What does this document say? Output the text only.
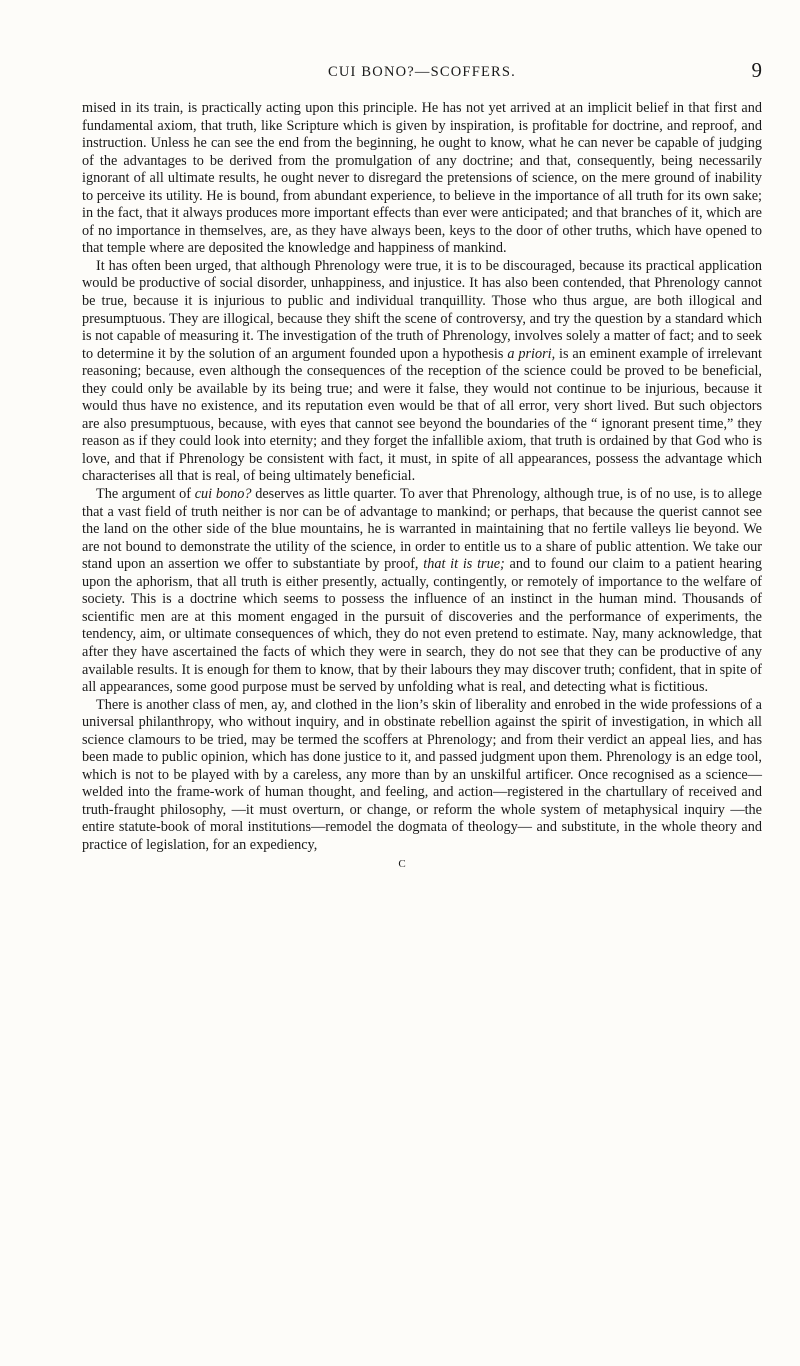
CUI BONO?—SCOFFERS.	9

mised in its train, is practically acting upon this principle. He has not yet arrived at an implicit belief in that first and fundamental axiom, that truth, like Scripture which is given by inspiration, is profitable for doctrine, and reproof, and instruction. Unless he can see the end from the beginning, he ought to know, what he can never be capable of judging of the advantages to be derived from the promulgation of any doctrine; and that, consequently, being necessarily ignorant of all ultimate results, he ought never to disregard the pretensions of science, on the mere ground of inability to perceive its utility. He is bound, from abundant experience, to believe in the importance of all truth for its own sake; in the fact, that it always produces more important effects than ever were anticipated; and that branches of it, which are of no importance in themselves, are, as they have always been, keys to the door of other truths, which have opened to that temple where are deposited the knowledge and happiness of mankind.

It has often been urged, that although Phrenology were true, it is to be discouraged, because its practical application would be productive of social disorder, unhappiness, and injustice. It has also been contended, that Phrenology cannot be true, because it is injurious to public and individual tranquillity. Those who thus argue, are both illogical and presumptuous. They are illogical, because they shift the scene of controversy, and try the question by a standard which is not capable of measuring it. The investigation of the truth of Phrenology, involves solely a matter of fact; and to seek to determine it by the solution of an argument founded upon a hypothesis a priori, is an eminent example of irrelevant reasoning; because, even although the consequences of the reception of the science could be proved to be beneficial, they could only be available by its being true; and were it false, they would not continue to be injurious, because it would thus have no existence, and its reputation even would be that of all error, very short lived. But such objectors are also presumptuous, because, with eyes that cannot see beyond the boundaries of the “ ignorant present time,” they reason as if they could look into eternity; and they forget the infallible axiom, that truth is ordained by that God who is love, and that if Phrenology be consistent with fact, it must, in spite of all appearances, possess the advantage which characterises all that is real, of being ultimately beneficial.

The argument of cui bono? deserves as little quarter. To aver that Phrenology, although true, is of no use, is to allege that a vast field of truth neither is nor can be of advantage to mankind; or perhaps, that because the querist cannot see the land on the other side of the blue mountains, he is warranted in maintaining that no fertile valleys lie beyond. We are not bound to demonstrate the utility of the science, in order to entitle us to a share of public attention. We take our stand upon an assertion we offer to substantiate by proof, that it is true; and to found our claim to a patient hearing upon the aphorism, that all truth is either presently, actually, contingently, or remotely of importance to the welfare of society. This is a doctrine which seems to possess the influence of an instinct in the human mind. Thousands of scientific men are at this moment engaged in the pursuit of discoveries and the performance of experiments, the tendency, aim, or ultimate consequences of which, they do not even pretend to estimate. Nay, many acknowledge, that after they have ascertained the facts of which they were in search, they do not see that they can be productive of any available results. It is enough for them to know, that by their labours they may discover truth; confident, that in spite of all appearances, some good purpose must be served by unfolding what is real, and detecting what is fictitious.

There is another class of men, ay, and clothed in the lion’s skin of liberality and enrobed in the wide professions of a universal philanthropy, who without inquiry, and in obstinate rebellion against the spirit of investigation, in which all science clamours to be tried, may be termed the scoffers at Phrenology; and from their verdict an appeal lies, and has been made to public opinion, which has done justice to it, and passed judgment upon them. Phrenology is an edge tool, which is not to be played with by a careless, any more than by an unskilful artificer. Once recognised as a science—welded into the frame-work of human thought, and feeling, and action—registered in the chartullary of received and truth-fraught philosophy, —it must overturn, or change, or reform the whole system of metaphysical inquiry —the entire statute-book of moral institutions—remodel the dogmata of theology— and substitute, in the whole theory and practice of legislation, for an expediency,

C
